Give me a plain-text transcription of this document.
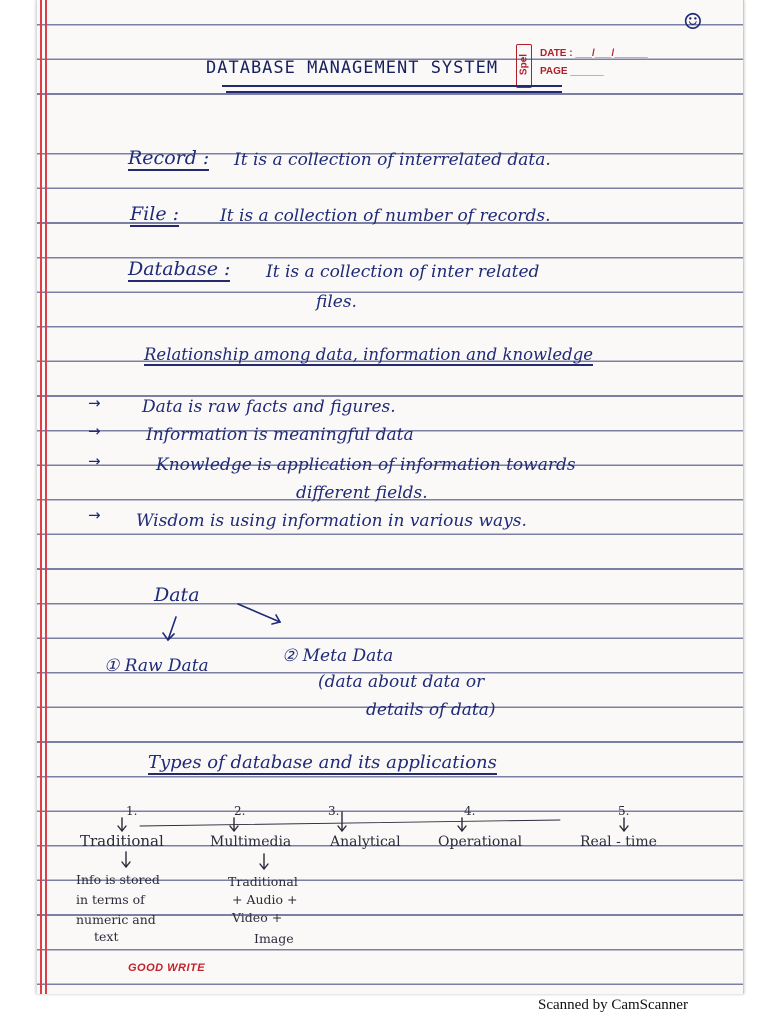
☺
Spel
DATE : ___/___/______
PAGE ______
DATABASE MANAGEMENT SYSTEM
Record : It is a collection of interrelated data.
File : It is a collection of number of records.
Database : It is a collection of inter related
files.
Relationship among data, information and knowledge
→ Data is raw facts and figures.
→	Information is meaningful data
→	Knowledge is application of information towards
different fields.
→ Wisdom is using information in various ways.
Data
① Raw Data	② Meta Data
(data about data or
details of data)
Types of database and its applications
1.	2.	3.	4.	5.
Traditional	Multimedia	Analytical	Operational	Real - time
Info is stored
in terms of
numeric and
text
Traditional
+ Audio +
Video +
Image
GOOD WRITE
Scanned by CamScanner
